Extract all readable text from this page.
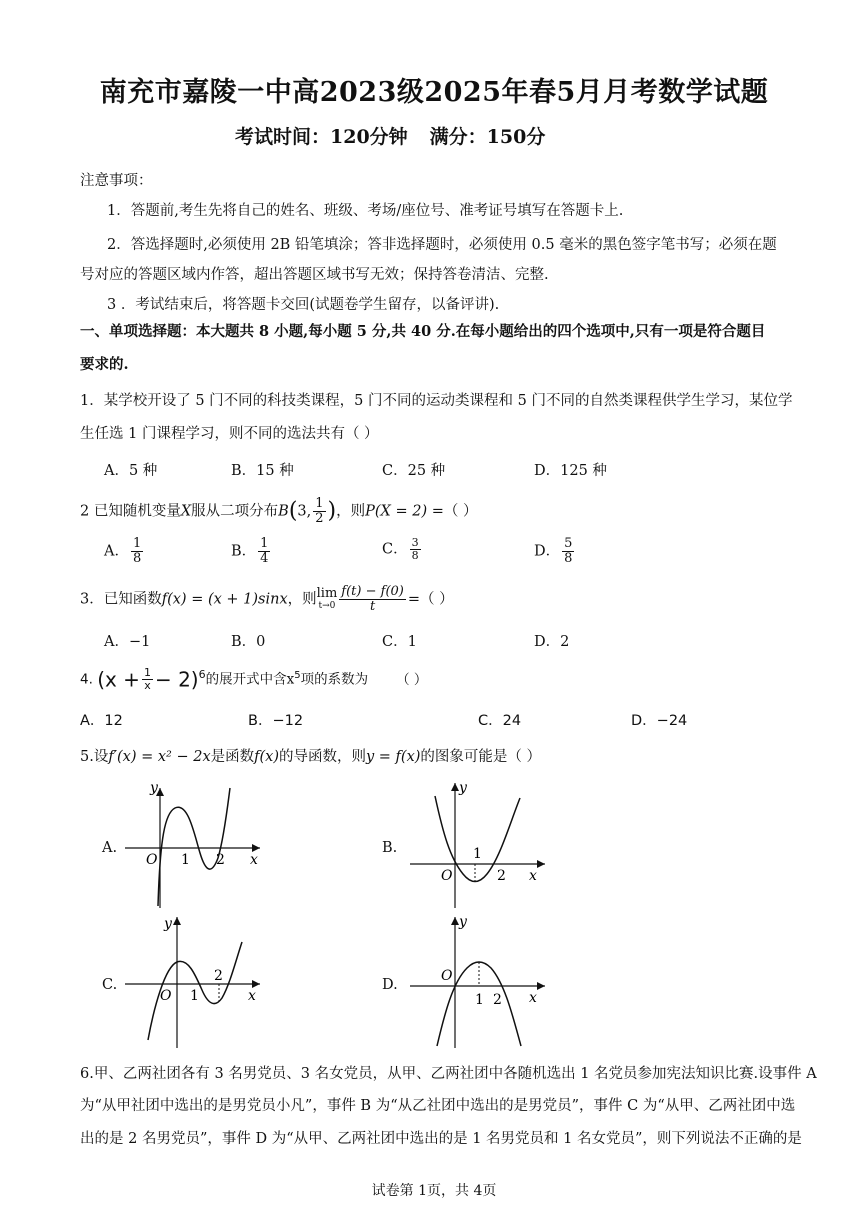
南充市嘉陵一中高2023级2025年春5月月考数学试题
考试时间：120分钟 满分：150分
注意事项：
1．答题前,考生先将自己的姓名、班级、考场/座位号、准考证号填写在答题卡上.
2．答选择题时,必须使用 2B 铅笔填涂；答非选择题时，必须使用 0.5 毫米的黑色签字笔书写；必须在题
号对应的答题区域内作答，超出答题区域书写无效；保持答卷清洁、完整.
3 ．考试结束后，将答题卡交回(试题卷学生留存，以备评讲).
一、单项选择题：本大题共 8 小题,每小题 5 分,共 40 分.在每小题给出的四个选项中,只有一项是符合题目
要求的.
1．某学校开设了 5 门不同的科技类课程，5 门不同的运动类课程和 5 门不同的自然类课程供学生学习，某位学
生任选 1 门课程学习，则不同的选法共有（ ）
A．5 种	B．15 种	C．25 种	D．125 种
2 已知随机变量X服从二项分布B(3, $\frac{1}{2}$ )，则P(X = 2) =（ ）
A． $\frac{1}{8}$	B． $\frac{1}{4}$	C． $\frac{3}{8}$	D． $\frac{5}{8}$
3．已知函数f(x) = (x + 1)sinx，则 lim
$t\to 0 \frac{f(t) - f(0)}{t}$ =（ ）
A．−1	B．0	C．1	D．2
4. $(x + \frac{1}{x} - 2)^6$的展开式中含$x^5$项的系数为 （ ）
A．12	B．−12	C．24	D．−24
5.设f′(x) = x² − 2x是函数f(x)的导函数，则y = f(x)的图象可能是（ ）
A.
y
O 1 2 x
B.
y
O
1
2 x
C.
y
O 1
2
x
D.
y
O
1 2 x
6.甲、乙两社团各有 3 名男党员、3 名女党员，从甲、乙两社团中各随机选出 1 名党员参加宪法知识比赛.设事件 A
为“从甲社团中选出的是男党员小凡”，事件 B 为“从乙社团中选出的是男党员”，事件 C 为“从甲、乙两社团中选
出的是 2 名男党员”，事件 D 为“从甲、乙两社团中选出的是 1 名男党员和 1 名女党员”，则下列说法不正确的是
试卷第 1页，共 4页
